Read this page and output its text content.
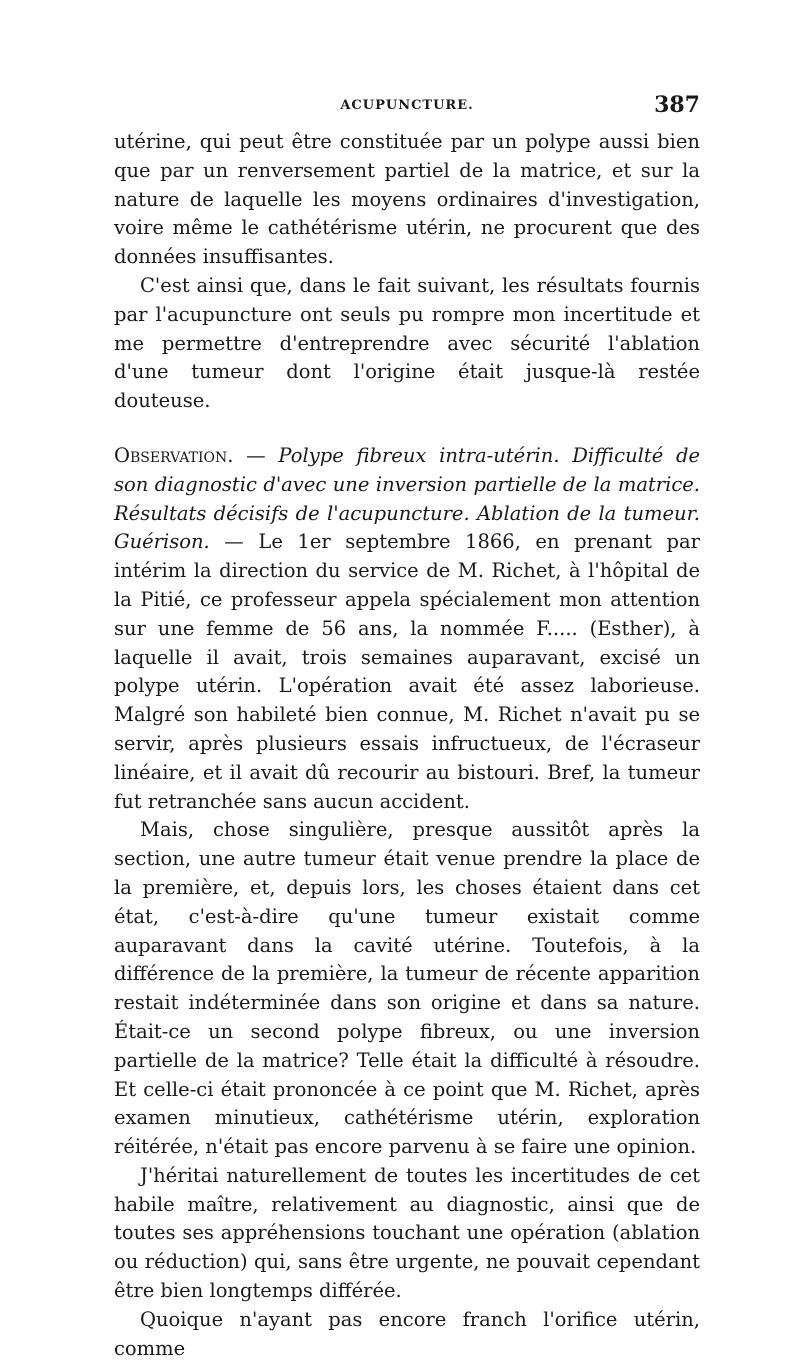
ACUPUNCTURE.	387

utérine, qui peut être constituée par un polype aussi bien que par un renversement partiel de la matrice, et sur la nature de laquelle les moyens ordinaires d'investigation, voire même le cathétérisme utérin, ne procurent que des données insuffisantes.

C'est ainsi que, dans le fait suivant, les résultats fournis par l'acupuncture ont seuls pu rompre mon incertitude et me permettre d'entreprendre avec sécurité l'ablation d'une tumeur dont l'origine était jusque-là restée douteuse.

Observation. — Polype fibreux intra-utérin. Difficulté de son diagnostic d'avec une inversion partielle de la matrice. Résultats décisifs de l'acupuncture. Ablation de la tumeur. Guérison. — Le 1er septembre 1866, en prenant par intérim la direction du service de M. Richet, à l'hôpital de la Pitié, ce professeur appela spécialement mon attention sur une femme de 56 ans, la nommée F..... (Esther), à laquelle il avait, trois semaines auparavant, excisé un polype utérin. L'opération avait été assez laborieuse. Malgré son habileté bien connue, M. Richet n'avait pu se servir, après plusieurs essais infructueux, de l'écraseur linéaire, et il avait dû recourir au bistouri. Bref, la tumeur fut retranchée sans aucun accident.

Mais, chose singulière, presque aussitôt après la section, une autre tumeur était venue prendre la place de la première, et, depuis lors, les choses étaient dans cet état, c'est-à-dire qu'une tumeur existait comme auparavant dans la cavité utérine. Toutefois, à la différence de la première, la tumeur de récente apparition restait indéterminée dans son origine et dans sa nature. Était-ce un second polype fibreux, ou une inversion partielle de la matrice? Telle était la difficulté à résoudre. Et celle-ci était prononcée à ce point que M. Richet, après examen minutieux, cathétérisme utérin, exploration réitérée, n'était pas encore parvenu à se faire une opinion.

J'héritai naturellement de toutes les incertitudes de cet habile maître, relativement au diagnostic, ainsi que de toutes ses appréhensions touchant une opération (ablation ou réduction) qui, sans être urgente, ne pouvait cependant être bien longtemps différée.

Quoique n'ayant pas encore franch l'orifice utérin, comme
